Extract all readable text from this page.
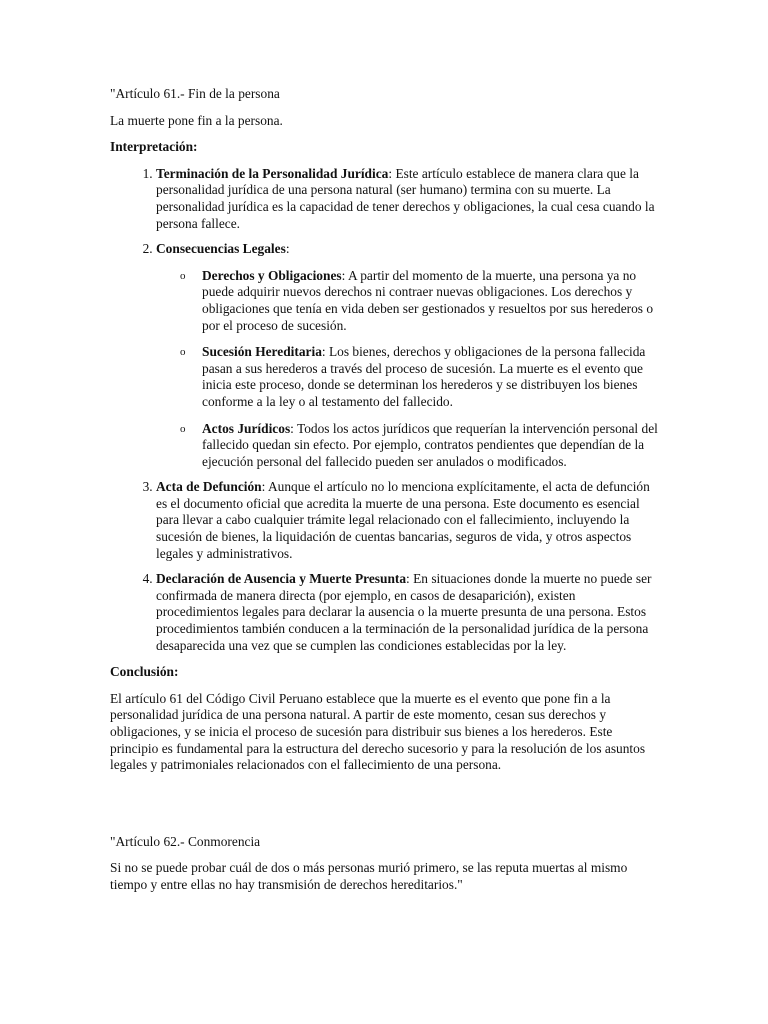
"Artículo 61.- Fin de la persona

La muerte pone fin a la persona.

Interpretación:

1. Terminación de la Personalidad Jurídica: Este artículo establece de manera clara que la personalidad jurídica de una persona natural (ser humano) termina con su muerte. La personalidad jurídica es la capacidad de tener derechos y obligaciones, la cual cesa cuando la persona fallece.
2. Consecuencias Legales:
o Derechos y Obligaciones: A partir del momento de la muerte, una persona ya no puede adquirir nuevos derechos ni contraer nuevas obligaciones. Los derechos y obligaciones que tenía en vida deben ser gestionados y resueltos por sus herederos o por el proceso de sucesión.
o Sucesión Hereditaria: Los bienes, derechos y obligaciones de la persona fallecida pasan a sus herederos a través del proceso de sucesión. La muerte es el evento que inicia este proceso, donde se determinan los herederos y se distribuyen los bienes conforme a la ley o al testamento del fallecido.
o Actos Jurídicos: Todos los actos jurídicos que requerían la intervención personal del fallecido quedan sin efecto. Por ejemplo, contratos pendientes que dependían de la ejecución personal del fallecido pueden ser anulados o modificados.
3. Acta de Defunción: Aunque el artículo no lo menciona explícitamente, el acta de defunción es el documento oficial que acredita la muerte de una persona. Este documento es esencial para llevar a cabo cualquier trámite legal relacionado con el fallecimiento, incluyendo la sucesión de bienes, la liquidación de cuentas bancarias, seguros de vida, y otros aspectos legales y administrativos.
4. Declaración de Ausencia y Muerte Presunta: En situaciones donde la muerte no puede ser confirmada de manera directa (por ejemplo, en casos de desaparición), existen procedimientos legales para declarar la ausencia o la muerte presunta de una persona. Estos procedimientos también conducen a la terminación de la personalidad jurídica de la persona desaparecida una vez que se cumplen las condiciones establecidas por la ley.

Conclusión:

El artículo 61 del Código Civil Peruano establece que la muerte es el evento que pone fin a la personalidad jurídica de una persona natural. A partir de este momento, cesan sus derechos y obligaciones, y se inicia el proceso de sucesión para distribuir sus bienes a los herederos. Este principio es fundamental para la estructura del derecho sucesorio y para la resolución de los asuntos legales y patrimoniales relacionados con el fallecimiento de una persona.

"Artículo 62.- Conmorencia

Si no se puede probar cuál de dos o más personas murió primero, se las reputa muertas al mismo tiempo y entre ellas no hay transmisión de derechos hereditarios."
